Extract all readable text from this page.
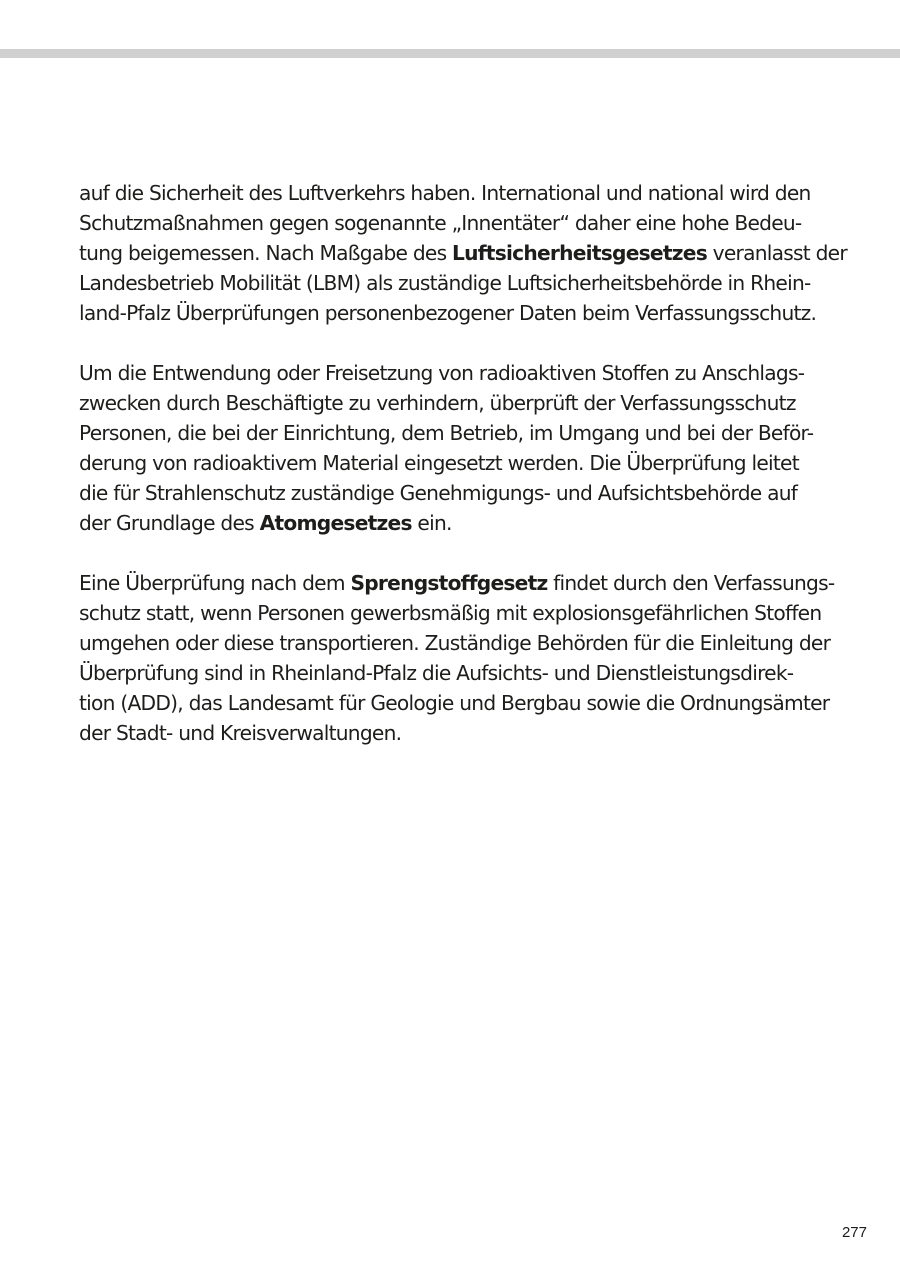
auf die Sicherheit des Luftverkehrs haben. International und national wird den
Schutzmaßnahmen gegen sogenannte „Innentäter“ daher eine hohe Bedeu-
tung beigemessen. Nach Maßgabe des Luftsicherheitsgesetzes veranlasst der
Landesbetrieb Mobilität (LBM) als zuständige Luftsicherheitsbehörde in Rhein-
land-Pfalz Überprüfungen personenbezogener Daten beim Verfassungsschutz.

Um die Entwendung oder Freisetzung von radioaktiven Stoffen zu Anschlags-
zwecken durch Beschäftigte zu verhindern, überprüft der Verfassungsschutz
Personen, die bei der Einrichtung, dem Betrieb, im Umgang und bei der Beför-
derung von radioaktivem Material eingesetzt werden. Die Überprüfung leitet
die für Strahlenschutz zuständige Genehmigungs- und Aufsichtsbehörde auf
der Grundlage des Atomgesetzes ein.

Eine Überprüfung nach dem Sprengstoffgesetz findet durch den Verfassungs-
schutz statt, wenn Personen gewerbsmäßig mit explosionsgefährlichen Stoffen
umgehen oder diese transportieren. Zuständige Behörden für die Einleitung der
Überprüfung sind in Rheinland-Pfalz die Aufsichts- und Dienstleistungsdirek-
tion (ADD), das Landesamt für Geologie und Bergbau sowie die Ordnungsämter
der Stadt- und Kreisverwaltungen.

277
